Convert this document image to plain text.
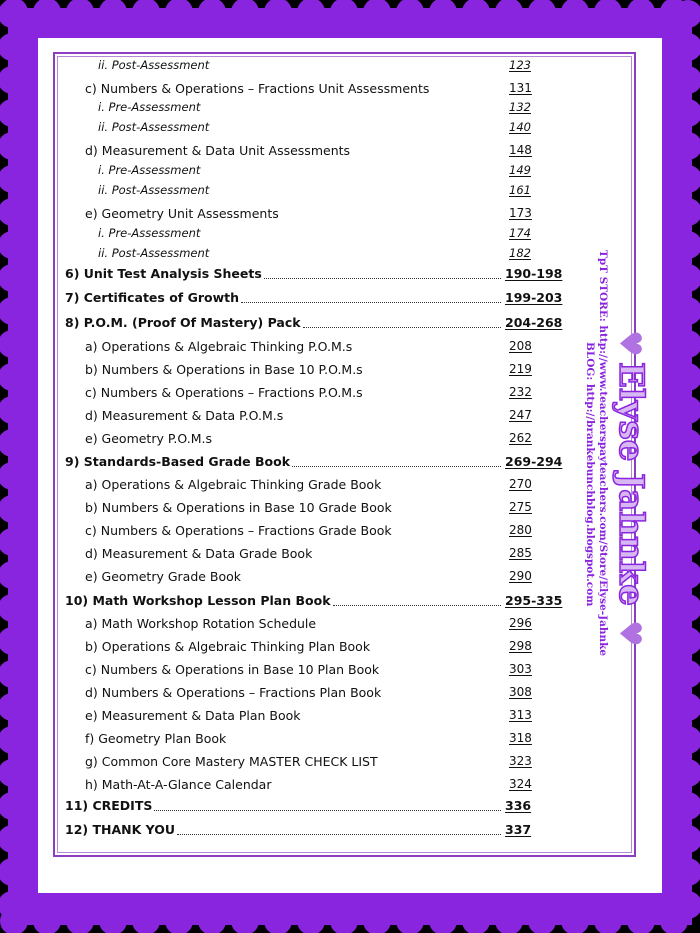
ii. Post-Assessment	123
c) Numbers & Operations – Fractions Unit Assessments	131
i. Pre-Assessment	132
ii. Post-Assessment	140
d) Measurement & Data Unit Assessments	148
i. Pre-Assessment	149
ii. Post-Assessment	161
e) Geometry Unit Assessments	173
i. Pre-Assessment	174
ii. Post-Assessment	182
6) Unit Test Analysis Sheets	190-198
7) Certificates of Growth	199-203
8) P.O.M. (Proof Of Mastery) Pack	204-268
a) Operations & Algebraic Thinking P.O.M.s	208
b) Numbers & Operations in Base 10 P.O.M.s	219
c) Numbers & Operations – Fractions P.O.M.s	232
d) Measurement & Data P.O.M.s	247
e) Geometry P.O.M.s	262
9) Standards-Based Grade Book	269-294
a) Operations & Algebraic Thinking Grade Book	270
b) Numbers & Operations in Base 10 Grade Book	275
c) Numbers & Operations – Fractions Grade Book	280
d) Measurement & Data Grade Book	285
e) Geometry Grade Book	290
10) Math Workshop Lesson Plan Book	295-335
a) Math Workshop Rotation Schedule	296
b) Operations & Algebraic Thinking Plan Book	298
c) Numbers & Operations in Base 10 Plan Book	303
d) Numbers & Operations – Fractions Plan Book	308
e) Measurement & Data Plan Book	313
f) Geometry Plan Book	318
g) Common Core Mastery MASTER CHECK LIST	323
h) Math-At-A-Glance Calendar	324
11) CREDITS	336
12) THANK YOU	337
♥
Elyse Jahnke
♥
TpT STORE: http://www.teacherspayteachers.com/Store/Elyse-Jahnke
BLOG: http://brankebunchblog.blogspot.com
